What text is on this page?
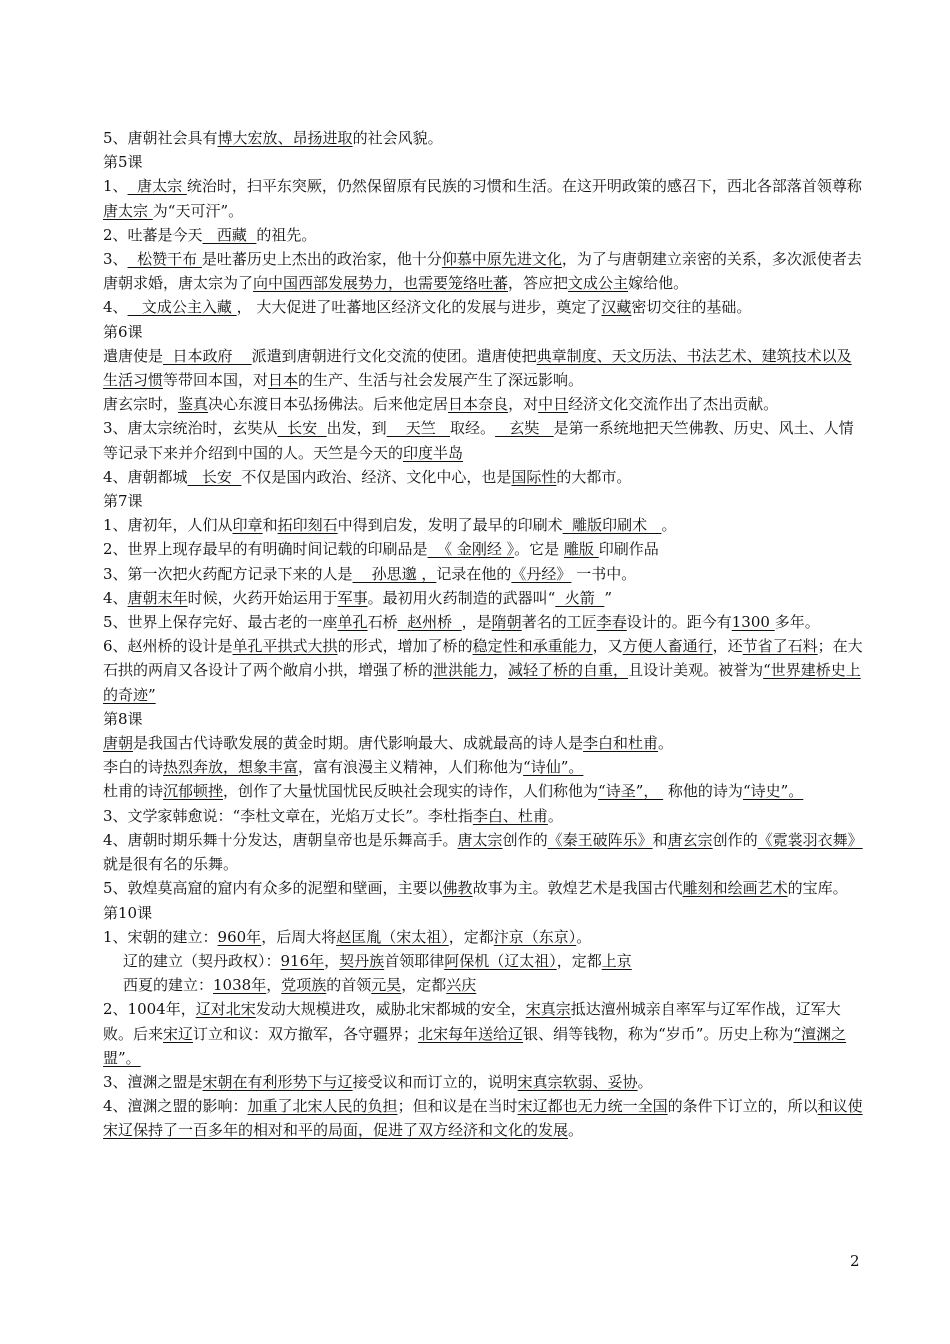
5、唐朝社会具有博大宏放、昂扬进取的社会风貌。
第5课
1、  唐太宗 统治时，扫平东突厥，仍然保留原有民族的习惯和生活。在这开明政策的感召下，西北各部落首领尊称唐太宗 为“天可汗”。
2、吐蕃是今天   西藏  的祖先。
3、  松赞干布 是吐蕃历史上杰出的政治家，他十分仰慕中原先进文化，为了与唐朝建立亲密的关系，多次派使者去唐朝求婚，唐太宗为了向中国西部发展势力，也需要笼络吐蕃，答应把文成公主嫁给他。
4、   文成公主入藏 ， 大大促进了吐蕃地区经济文化的发展与进步，奠定了汉藏密切交往的基础。
第6课
遣唐使是  日本政府    派遣到唐朝进行文化交流的使团。遣唐使把典章制度、天文历法、书法艺术、建筑技术以及生活习惯等带回本国，对日本的生产、生活与社会发展产生了深远影响。
唐玄宗时，鉴真决心东渡日本弘扬佛法。后来他定居日本奈良，对中日经济文化交流作出了杰出贡献。
3、唐太宗统治时，玄奘从  长安  出发，到    天竺   取经。   玄奘   是第一系统地把天竺佛教、历史、风土、人情等记录下来并介绍到中国的人。天竺是今天的印度半岛
4、唐朝都城   长安  不仅是国内政治、经济、文化中心，也是国际性的大都市。
第7课
1、唐初年，人们从印章和拓印刻石中得到启发，发明了最早的印刷术  雕版印刷术   。
2、世界上现存最早的有明确时间记载的印刷品是  《 金刚经 》。它是 雕版 印刷作品
3、第一次把火药配方记录下来的人是    孙思邈 ，记录在他的《丹经》 一书中。
4、唐朝末年时候，火药开始运用于军事。最初用火药制造的武器叫“  火箭  ”
5、世界上保存完好、最古老的一座单孔石桥  赵州桥  ，是隋朝著名的工匠李春设计的。距今有1300 多年。
6、赵州桥的设计是单孔平拱式大拱的形式，增加了桥的稳定性和承重能力，又方便人畜通行，还节省了石料；在大石拱的两肩又各设计了两个敞肩小拱，增强了桥的泄洪能力，减轻了桥的自重，且设计美观。被誉为“世界建桥史上的奇迹”
第8课
唐朝是我国古代诗歌发展的黄金时期。唐代影响最大、成就最高的诗人是李白和杜甫。
李白的诗热烈奔放，想象丰富，富有浪漫主义精神，人们称他为“诗仙”。
杜甫的诗沉郁顿挫，创作了大量忧国忧民反映社会现实的诗作，人们称他为“诗圣”，  称他的诗为“诗史”。
3、文学家韩愈说：“李杜文章在，光焰万丈长”。李杜指李白、杜甫。
4、唐朝时期乐舞十分发达，唐朝皇帝也是乐舞高手。唐太宗创作的《秦王破阵乐》和唐玄宗创作的《霓裳羽衣舞》就是很有名的乐舞。
5、敦煌莫高窟的窟内有众多的泥塑和壁画，主要以佛教故事为主。敦煌艺术是我国古代雕刻和绘画艺术的宝库。
第10课
1、宋朝的建立：960年，后周大将赵匡胤（宋太祖），定都汴京（东京）。
辽的建立（契丹政权）：916年，契丹族首领耶律阿保机（辽太祖），定都上京
西夏的建立：1038年，党项族的首领元昊，定都兴庆
2、1004年，辽对北宋发动大规模进攻，威胁北宋都城的安全，宋真宗抵达澶州城亲自率军与辽军作战，辽军大败。后来宋辽订立和议：双方撤军，各守疆界；北宋每年送给辽银、绢等钱物，称为“岁币”。历史上称为“澶渊之盟”。
3、澶渊之盟是宋朝在有利形势下与辽接受议和而订立的，说明宋真宗软弱、妥协。
4、澶渊之盟的影响：加重了北宋人民的负担；但和议是在当时宋辽都也无力统一全国的条件下订立的，所以和议使宋辽保持了一百多年的相对和平的局面，促进了双方经济和文化的发展。
2
